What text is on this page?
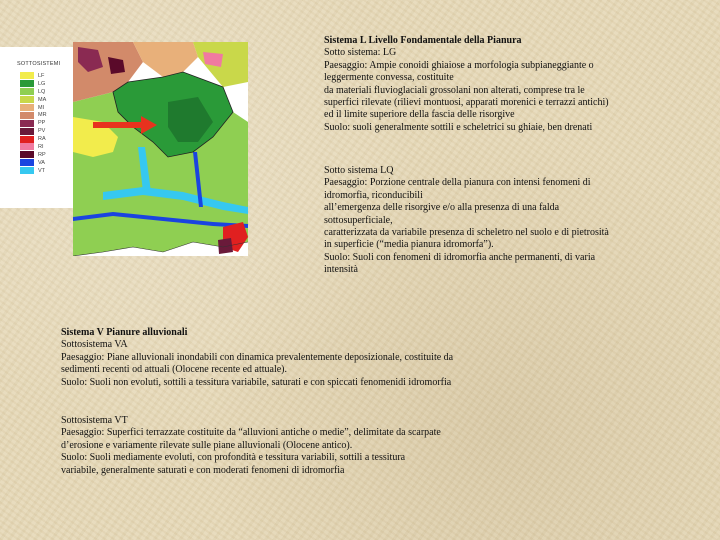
SOTTOSISTEMI
LF
LG
LQ
MA
MI
MR
PP
PV
RA
RI
RP
VA
VT
Sistema L Livello Fondamentale della Pianura
Sotto sistema: LG
Paesaggio: Ampie conoidi ghiaiose a morfologia subpianeggiante o
leggermente convessa, costituite
da materiali fluvioglaciali grossolani non alterati, comprese tra le
superfici rilevate (rilievi montuosi, apparati morenici e terrazzi antichi)
ed il limite superiore della fascia delle risorgive
Suolo: suoli generalmente sottili e scheletrici su ghiaie, ben drenati
Sotto sistema LQ
Paesaggio: Porzione centrale della pianura con intensi fenomeni di
idromorfia, riconducibili
all’emergenza delle risorgive e/o alla presenza di una falda
sottosuperficiale,
caratterizzata da variabile presenza di scheletro nel suolo e di pietrosità
in superficie (“media pianura idromorfa”).
Suolo: Suoli con fenomeni di idromorfia anche permanenti, di varia
intensità
Sistema V Pianure alluvionali
Sottosistema VA
Paesaggio: Piane alluvionali inondabili con dinamica prevalentemente deposizionale, costituite da
sedimenti recenti od attuali (Olocene recente ed attuale).
Suolo: Suoli non evoluti, sottili a tessitura variabile, saturati e con spiccati fenomenidi idromorfia
Sottosistema VT
Paesaggio: Superfici terrazzate costituite da “alluvioni antiche o medie”, delimitate da scarpate
d’erosione e variamente rilevate sulle piane alluvionali (Olocene antico).
Suolo: Suoli mediamente evoluti, con profondità e tessitura variabili, sottili a tessitura
variabile, generalmente saturati e con moderati fenomeni di idromorfia
